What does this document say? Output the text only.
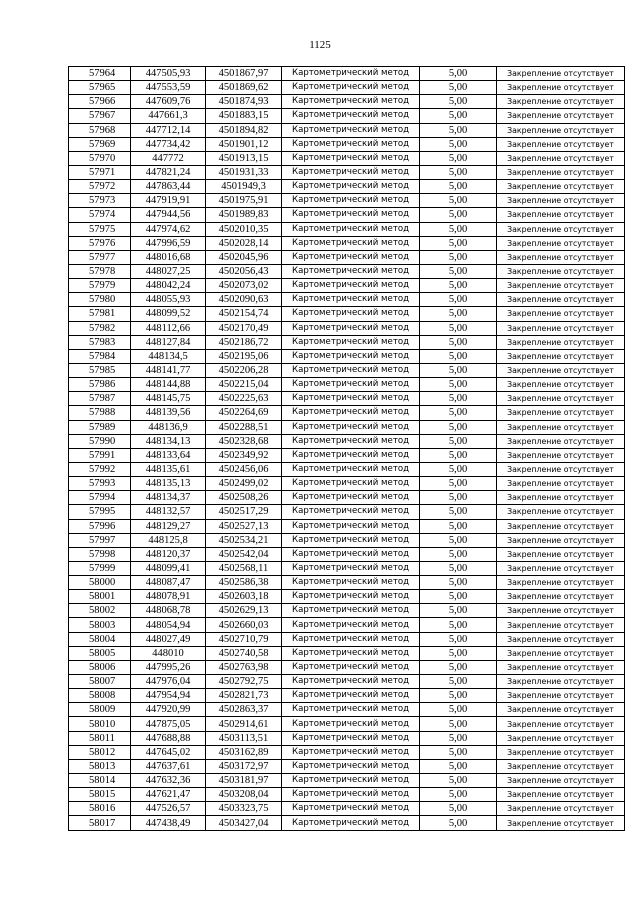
1125
57964	447505,93	4501867,97	Картометрический метод	5,00	Закрепление отсутствует
57965	447553,59	4501869,62	Картометрический метод	5,00	Закрепление отсутствует
57966	447609,76	4501874,93	Картометрический метод	5,00	Закрепление отсутствует
57967	447661,3	4501883,15	Картометрический метод	5,00	Закрепление отсутствует
57968	447712,14	4501894,82	Картометрический метод	5,00	Закрепление отсутствует
57969	447734,42	4501901,12	Картометрический метод	5,00	Закрепление отсутствует
57970	447772	4501913,15	Картометрический метод	5,00	Закрепление отсутствует
57971	447821,24	4501931,33	Картометрический метод	5,00	Закрепление отсутствует
57972	447863,44	4501949,3	Картометрический метод	5,00	Закрепление отсутствует
57973	447919,91	4501975,91	Картометрический метод	5,00	Закрепление отсутствует
57974	447944,56	4501989,83	Картометрический метод	5,00	Закрепление отсутствует
57975	447974,62	4502010,35	Картометрический метод	5,00	Закрепление отсутствует
57976	447996,59	4502028,14	Картометрический метод	5,00	Закрепление отсутствует
57977	448016,68	4502045,96	Картометрический метод	5,00	Закрепление отсутствует
57978	448027,25	4502056,43	Картометрический метод	5,00	Закрепление отсутствует
57979	448042,24	4502073,02	Картометрический метод	5,00	Закрепление отсутствует
57980	448055,93	4502090,63	Картометрический метод	5,00	Закрепление отсутствует
57981	448099,52	4502154,74	Картометрический метод	5,00	Закрепление отсутствует
57982	448112,66	4502170,49	Картометрический метод	5,00	Закрепление отсутствует
57983	448127,84	4502186,72	Картометрический метод	5,00	Закрепление отсутствует
57984	448134,5	4502195,06	Картометрический метод	5,00	Закрепление отсутствует
57985	448141,77	4502206,28	Картометрический метод	5,00	Закрепление отсутствует
57986	448144,88	4502215,04	Картометрический метод	5,00	Закрепление отсутствует
57987	448145,75	4502225,63	Картометрический метод	5,00	Закрепление отсутствует
57988	448139,56	4502264,69	Картометрический метод	5,00	Закрепление отсутствует
57989	448136,9	4502288,51	Картометрический метод	5,00	Закрепление отсутствует
57990	448134,13	4502328,68	Картометрический метод	5,00	Закрепление отсутствует
57991	448133,64	4502349,92	Картометрический метод	5,00	Закрепление отсутствует
57992	448135,61	4502456,06	Картометрический метод	5,00	Закрепление отсутствует
57993	448135,13	4502499,02	Картометрический метод	5,00	Закрепление отсутствует
57994	448134,37	4502508,26	Картометрический метод	5,00	Закрепление отсутствует
57995	448132,57	4502517,29	Картометрический метод	5,00	Закрепление отсутствует
57996	448129,27	4502527,13	Картометрический метод	5,00	Закрепление отсутствует
57997	448125,8	4502534,21	Картометрический метод	5,00	Закрепление отсутствует
57998	448120,37	4502542,04	Картометрический метод	5,00	Закрепление отсутствует
57999	448099,41	4502568,11	Картометрический метод	5,00	Закрепление отсутствует
58000	448087,47	4502586,38	Картометрический метод	5,00	Закрепление отсутствует
58001	448078,91	4502603,18	Картометрический метод	5,00	Закрепление отсутствует
58002	448068,78	4502629,13	Картометрический метод	5,00	Закрепление отсутствует
58003	448054,94	4502660,03	Картометрический метод	5,00	Закрепление отсутствует
58004	448027,49	4502710,79	Картометрический метод	5,00	Закрепление отсутствует
58005	448010	4502740,58	Картометрический метод	5,00	Закрепление отсутствует
58006	447995,26	4502763,98	Картометрический метод	5,00	Закрепление отсутствует
58007	447976,04	4502792,75	Картометрический метод	5,00	Закрепление отсутствует
58008	447954,94	4502821,73	Картометрический метод	5,00	Закрепление отсутствует
58009	447920,99	4502863,37	Картометрический метод	5,00	Закрепление отсутствует
58010	447875,05	4502914,61	Картометрический метод	5,00	Закрепление отсутствует
58011	447688,88	4503113,51	Картометрический метод	5,00	Закрепление отсутствует
58012	447645,02	4503162,89	Картометрический метод	5,00	Закрепление отсутствует
58013	447637,61	4503172,97	Картометрический метод	5,00	Закрепление отсутствует
58014	447632,36	4503181,97	Картометрический метод	5,00	Закрепление отсутствует
58015	447621,47	4503208,04	Картометрический метод	5,00	Закрепление отсутствует
58016	447526,57	4503323,75	Картометрический метод	5,00	Закрепление отсутствует
58017	447438,49	4503427,04	Картометрический метод	5,00	Закрепление отсутствует
